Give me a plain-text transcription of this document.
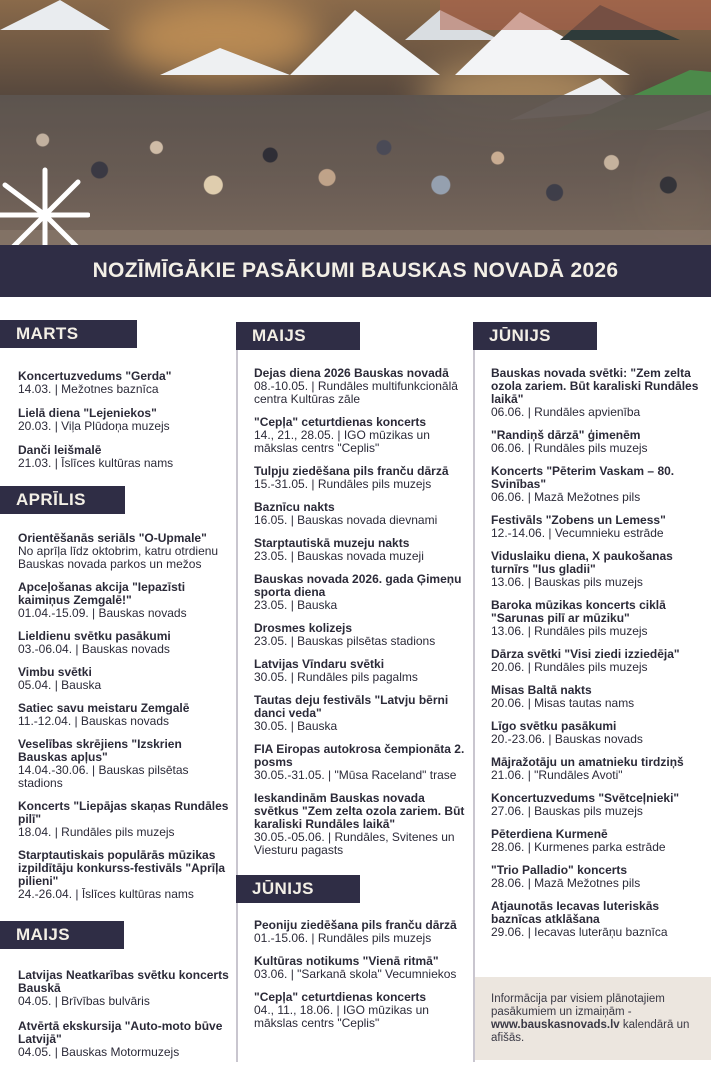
NOZĪMĪGĀKIE PASĀKUMI BAUSKAS NOVADĀ 2026
MARTS
Koncertuzvedums "Gerda"
14.03. | Mežotnes baznīca
Lielā diena "Lejeniekos"
20.03. | Viļa Plūdoņa muzejs
Danči leišmalē
21.03. | Īslīces kultūras nams
APRĪLIS
Orientēšanās seriāls "O-Upmale"
No aprīļa līdz oktobrim, katru otrdienu Bauskas novada parkos un mežos
Apceļošanas akcija "Iepazīsti kaimiņus Zemgalē!"
01.04.-15.09. | Bauskas novads
Lieldienu svētku pasākumi
03.-06.04. | Bauskas novads
Vimbu svētki
05.04. | Bauska
Satiec savu meistaru Zemgalē
11.-12.04. | Bauskas novads
Veselības skrējiens "Izskrien Bauskas apļus"
14.04.-30.06. | Bauskas pilsētas stadions
Koncerts "Liepājas skaņas Rundāles pilī"
18.04. | Rundāles pils muzejs
Starptautiskais populārās mūzikas izpildītāju konkurss-festivāls "Aprīļa pilieni"
24.-26.04. | Īslīces kultūras nams
MAIJS
Latvijas Neatkarības svētku koncerts Bauskā
04.05. | Brīvības bulvāris
Atvērtā ekskursija "Auto-moto būve Latvijā"
04.05. | Bauskas Motormuzejs
MAIJS
Dejas diena 2026 Bauskas novadā
08.-10.05. | Rundāles multifunkcionālā centra Kultūras zāle
"Cepļa" ceturtdienas koncerts
14., 21., 28.05. | IGO mūzikas un mākslas centrs "Ceplis"
Tulpju ziedēšana pils franču dārzā
15.-31.05. | Rundāles pils muzejs
Baznīcu nakts
16.05. | Bauskas novada dievnami
Starptautiskā muzeju nakts
23.05. | Bauskas novada muzeji
Bauskas novada 2026. gada Ģimeņu sporta diena
23.05. | Bauska
Drosmes kolizejs
23.05. | Bauskas pilsētas stadions
Latvijas Vīndaru svētki
30.05. | Rundāles pils pagalms
Tautas deju festivāls "Latvju bērni danci veda"
30.05. | Bauska
FIA Eiropas autokrosa čempionāta 2. posms
30.05.-31.05. | "Mūsa Raceland" trase
Ieskandinām Bauskas novada svētkus "Zem zelta ozola zariem. Būt karaliski Rundāles laikā"
30.05.-05.06. | Rundāles, Svitenes un Viesturu pagasts
JŪNIJS
Peoniju ziedēšana pils franču dārzā
01.-15.06. | Rundāles pils muzejs
Kultūras notikums "Vienā ritmā"
03.06. | "Sarkanā skola" Vecumniekos
"Cepļa" ceturtdienas koncerts
04., 11., 18.06. | IGO mūzikas un mākslas centrs "Ceplis"
JŪNIJS
Bauskas novada svētki: "Zem zelta ozola zariem. Būt karaliski Rundāles laikā"
06.06. | Rundāles apvienība
"Randiņš dārzā" ģimenēm
06.06. | Rundāles pils muzejs
Koncerts "Pēterim Vaskam – 80. Svinības"
06.06. | Mazā Mežotnes pils
Festivāls "Zobens un Lemess"
12.-14.06. | Vecumnieku estrāde
Viduslaiku diena, X paukošanas turnīrs "Ius gladii"
13.06. | Bauskas pils muzejs
Baroka mūzikas koncerts ciklā "Sarunas pilī ar mūziku"
13.06. | Rundāles pils muzejs
Dārza svētki "Visi ziedi izziedēja"
20.06. | Rundāles pils muzejs
Misas Baltā nakts
20.06. | Misas tautas nams
Līgo svētku pasākumi
20.-23.06. | Bauskas novads
Mājražotāju un amatnieku tirdziņš
21.06. | "Rundāles Avoti"
Koncertuzvedums "Svētceļnieki"
27.06. | Bauskas pils muzejs
Pēterdiena Kurmenē
28.06. | Kurmenes parka estrāde
"Trio Palladio" koncerts
28.06. | Mazā Mežotnes pils
Atjaunotās Iecavas luteriskās baznīcas atklāšana
29.06. | Iecavas luterāņu baznīca
Informācija par visiem plānotajiem pasākumiem un izmaiņām - www.bauskasnovads.lv kalendārā un afišās.
